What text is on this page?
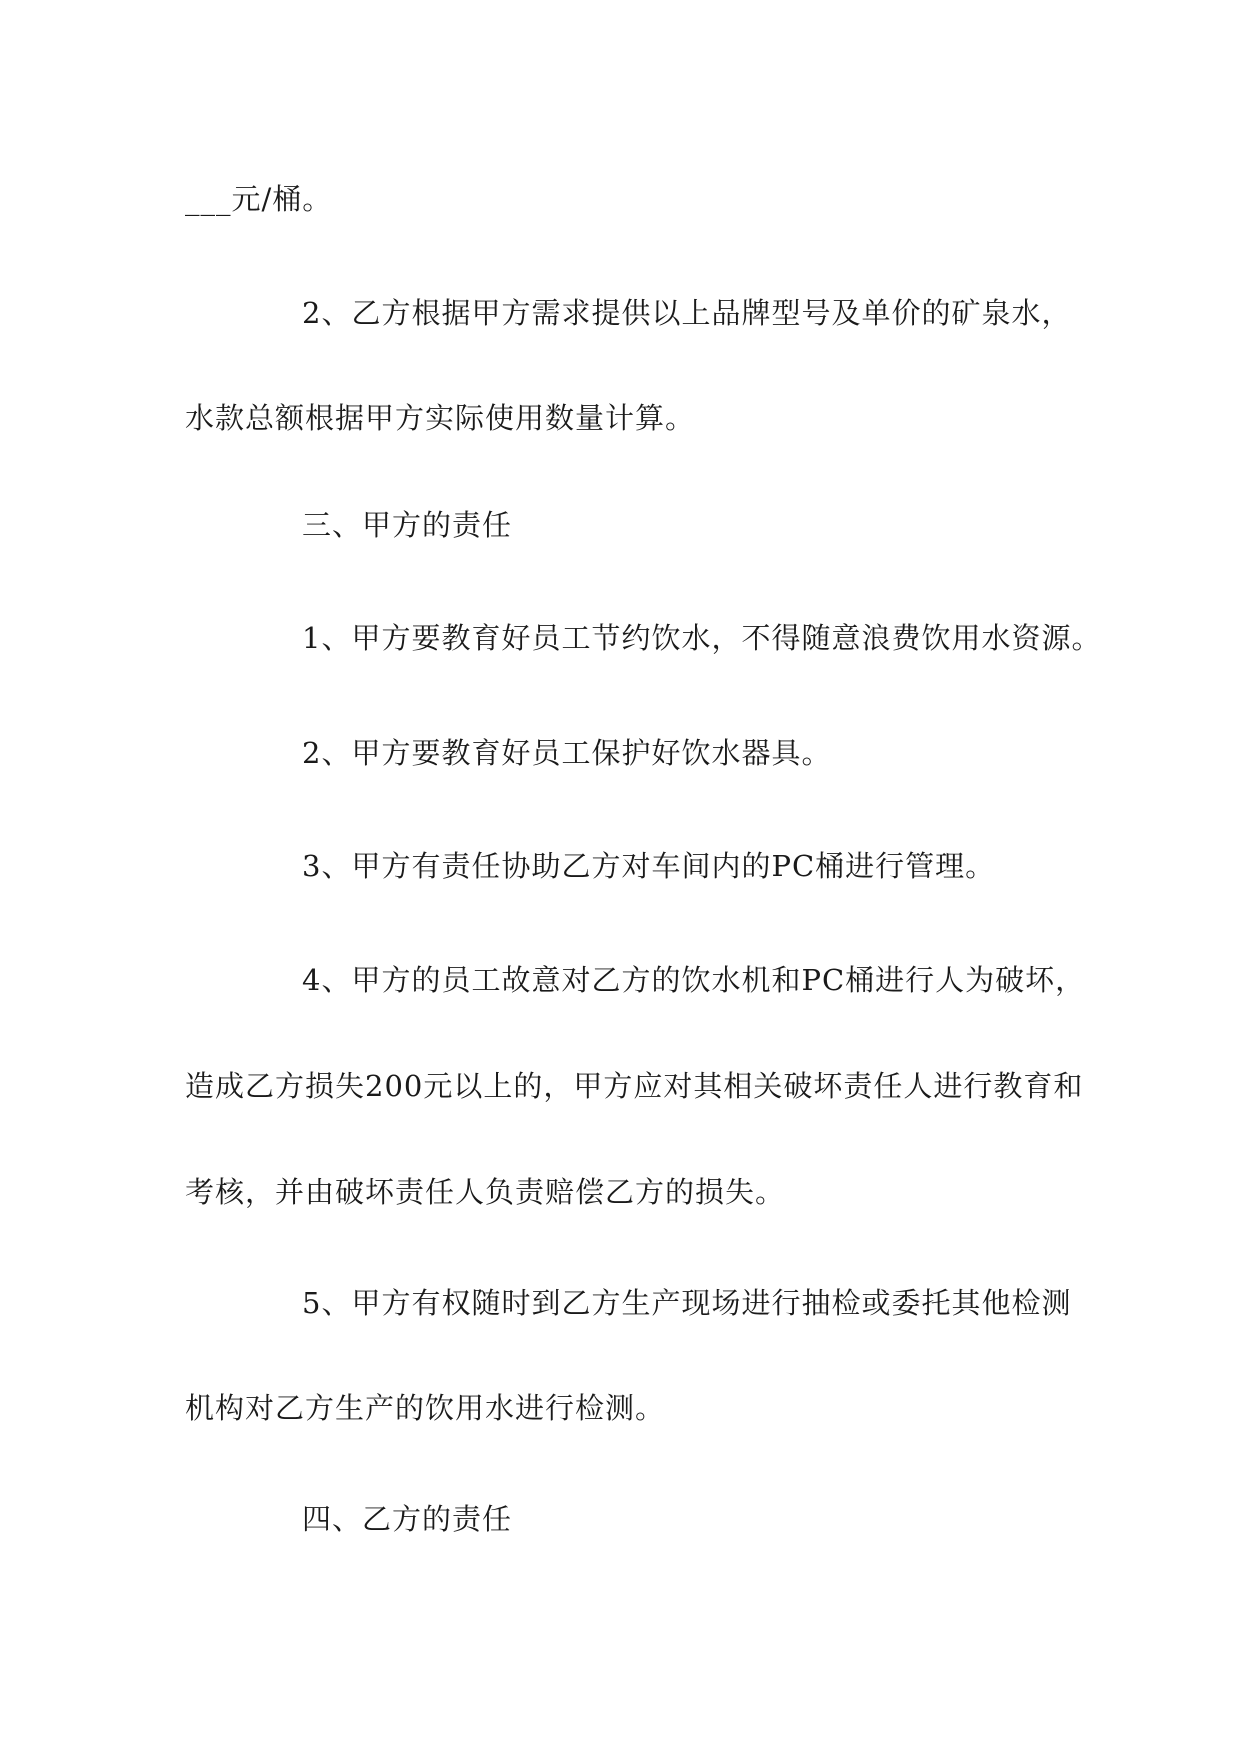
___元/桶。
2、乙方根据甲方需求提供以上品牌型号及单价的矿泉水，
水款总额根据甲方实际使用数量计算。
三、甲方的责任
1、甲方要教育好员工节约饮水，不得随意浪费饮用水资源。
2、甲方要教育好员工保护好饮水器具。
3、甲方有责任协助乙方对车间内的PC桶进行管理。
4、甲方的员工故意对乙方的饮水机和PC桶进行人为破坏，
造成乙方损失200元以上的，甲方应对其相关破坏责任人进行教育和
考核，并由破坏责任人负责赔偿乙方的损失。
5、甲方有权随时到乙方生产现场进行抽检或委托其他检测
机构对乙方生产的饮用水进行检测。
四、乙方的责任
